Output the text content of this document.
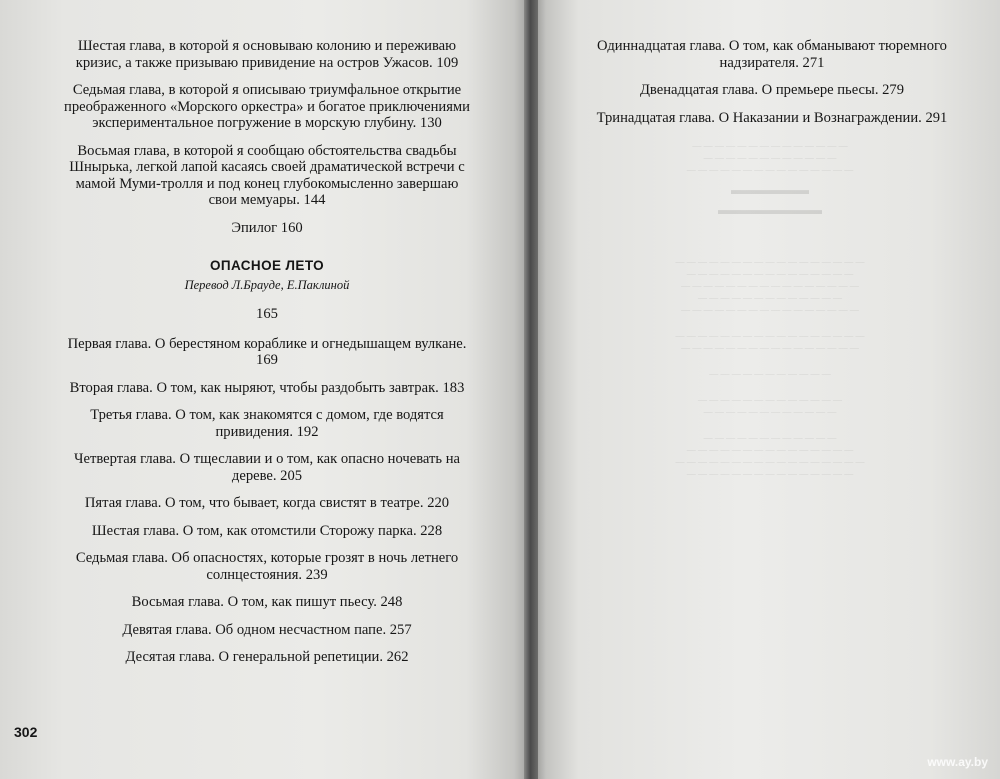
Шестая глава, в которой я основываю колонию и переживаю кризис, а также призываю привидение на остров Ужасов. 109
Седьмая глава, в которой я описываю триумфальное открытие преображенного «Морского оркестра» и богатое приключениями экспериментальное погружение в морскую глубину. 130
Восьмая глава, в которой я сообщаю обстоятельства свадьбы Шнырька, легкой лапой касаясь своей драматической встречи с мамой Муми-тролля и под конец глубокомысленно завершаю свои мемуары. 144
Эпилог 160
ОПАСНОЕ ЛЕТО
Перевод Л.Брауде, Е.Паклиной
165
Первая глава. О берестяном кораблике и огнедышащем вулкане. 169
Вторая глава. О том, как ныряют, чтобы раздобыть завтрак. 183
Третья глава. О том, как знакомятся с домом, где водятся привидения. 192
Четвертая глава. О тщеславии и о том, как опасно ночевать на дереве. 205
Пятая глава. О том, что бывает, когда свистят в театре. 220
Шестая глава. О том, как отомстили Сторожу парка. 228
Седьмая глава. Об опасностях, которые грозят в ночь летнего солнцестояния. 239
Восьмая глава. О том, как пишут пьесу. 248
Девятая глава. Об одном несчастном папе. 257
Десятая глава. О генеральной репетиции. 262
302
Одиннадцатая глава. О том, как обманывают тюремного надзирателя. 271
Двенадцатая глава. О премьере пьесы. 279
Тринадцатая глава. О Наказании и Вознаграждении. 291
— — — — — — — — — — — — — —
— — — — — — — — — — — —
— — — — — — — — — — — — — — —
▬▬▬▬▬▬
▬▬▬▬▬▬▬▬
— — — — — — — — — — — — — — — — —
— — — — — — — — — — — — — — —
— — — — — — — — — — — — — — — —
— — — — — — — — — — — — —
— — — — — — — — — — — — — — — —
— — — — — — — — — — — — — — — — —
— — — — — — — — — — — — — — — —
— — — — — — — — — — —
— — — — — — — — — — — — —
— — — — — — — — — — — —
— — — — — — — — — — — —
— — — — — — — — — — — — — — —
— — — — — — — — — — — — — — — — —
— — — — — — — — — — — — — — —
www.ay.by
